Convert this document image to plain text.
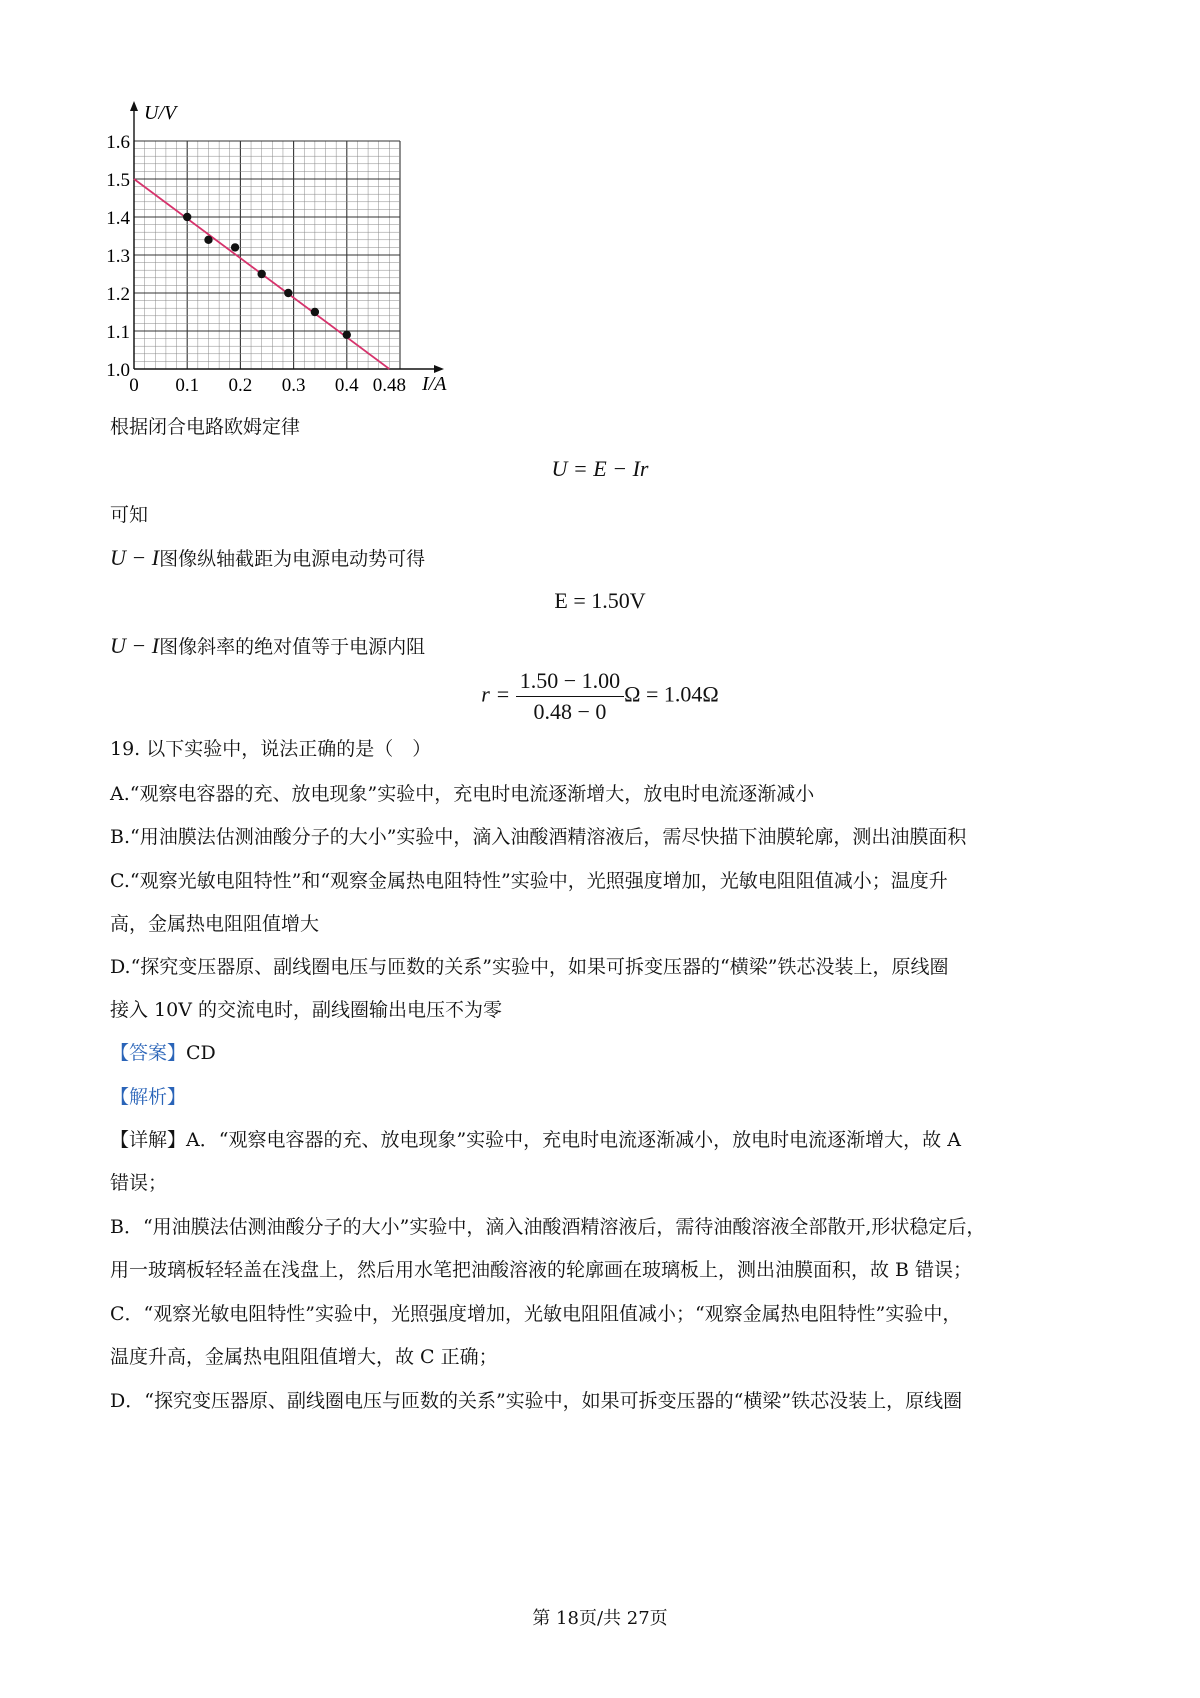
U/V
I/A
1.0
1.1
1.2
1.3
1.4
1.5
1.6
0 0.1 0.2 0.3 0.4 0.48
根据闭合电路欧姆定律
U = E − Ir
可知
U − I图像纵轴截距为电源电动势可得
E = 1.50V
U − I图像斜率的绝对值等于电源内阻
$r = \frac{1.50 - 1.00}{0.48 - 0}$ Ω = 1.04Ω
19. 以下实验中，说法正确的是（　）
A.“观察电容器的充、放电现象”实验中，充电时电流逐渐增大，放电时电流逐渐减小
B.“用油膜法估测油酸分子的大小”实验中，滴入油酸酒精溶液后，需尽快描下油膜轮廓，测出油膜面积
C.“观察光敏电阻特性”和“观察金属热电阻特性”实验中，光照强度增加，光敏电阻阻值减小；温度升
高，金属热电阻阻值增大
D.“探究变压器原、副线圈电压与匝数的关系”实验中，如果可拆变压器的“横梁”铁芯没装上，原线圈
接入 10V 的交流电时，副线圈输出电压不为零
【答案】CD
【解析】
【详解】A．“观察电容器的充、放电现象”实验中，充电时电流逐渐减小，放电时电流逐渐增大，故 A
错误；
B．“用油膜法估测油酸分子的大小”实验中，滴入油酸酒精溶液后，需待油酸溶液全部散开,形状稳定后，
用一玻璃板轻轻盖在浅盘上，然后用水笔把油酸溶液的轮廓画在玻璃板上，测出油膜面积，故 B 错误；
C．“观察光敏电阻特性”实验中，光照强度增加，光敏电阻阻值减小；“观察金属热电阻特性”实验中，
温度升高，金属热电阻阻值增大，故 C 正确；
D．“探究变压器原、副线圈电压与匝数的关系”实验中，如果可拆变压器的“横梁”铁芯没装上，原线圈
第 18页/共 27页
